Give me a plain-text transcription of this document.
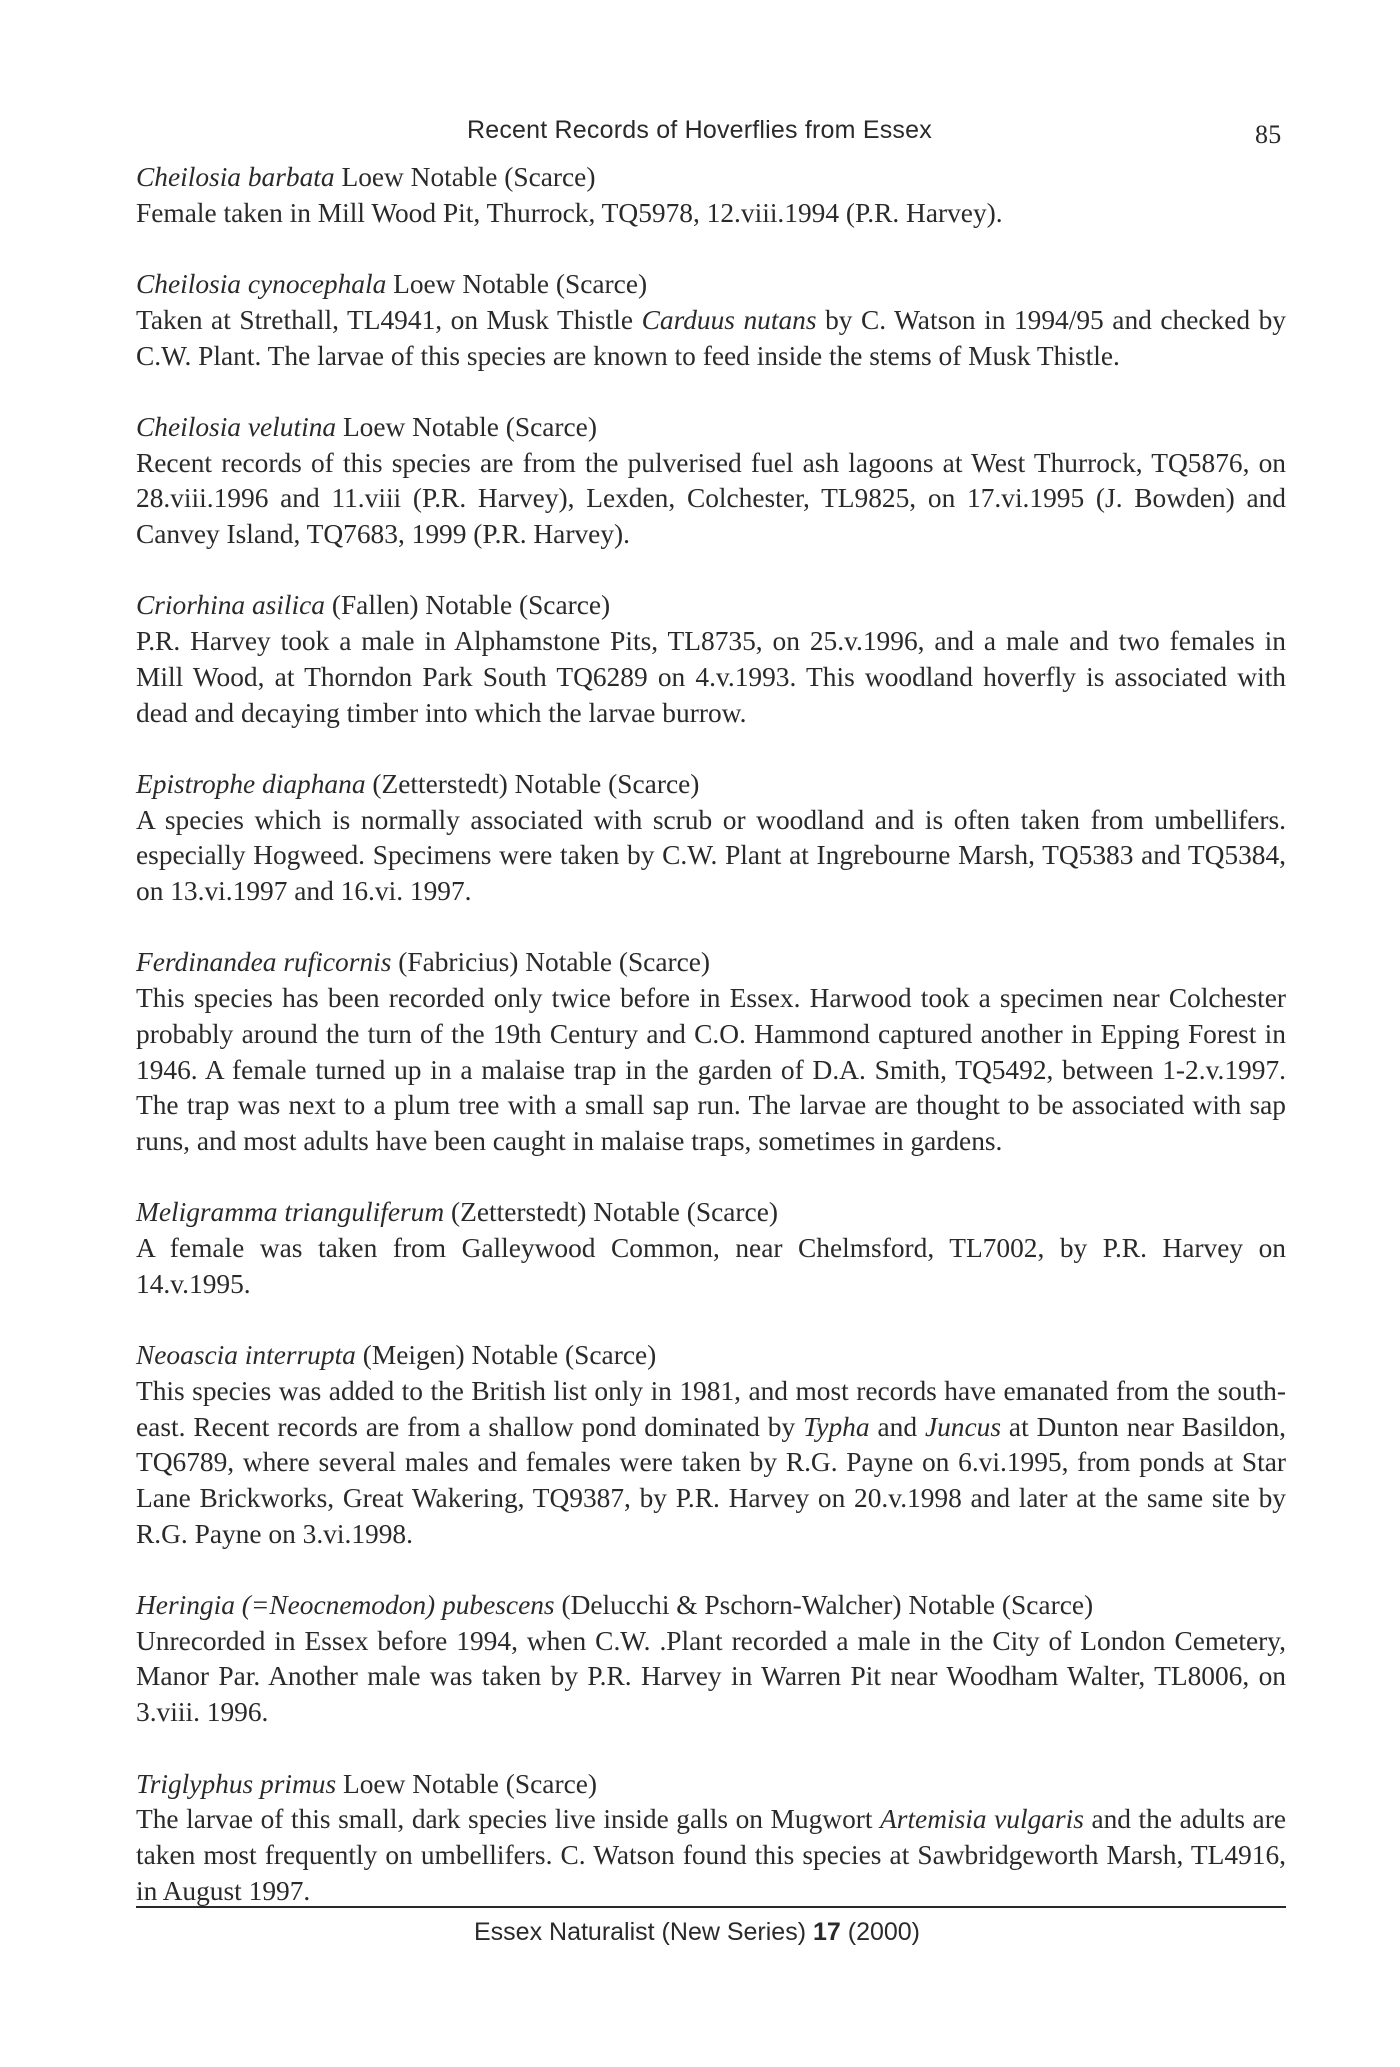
Recent Records of Hoverflies from Essex	85

Cheilosia barbata Loew Notable (Scarce)

Female taken in Mill Wood Pit, Thurrock, TQ5978, 12.viii.1994 (P.R. Harvey).

Cheilosia cynocephala Loew Notable (Scarce)

Taken at Strethall, TL4941, on Musk Thistle Carduus nutans by C. Watson in 1994/95 and checked by C.W. Plant. The larvae of this species are known to feed inside the stems of Musk Thistle.

Cheilosia velutina Loew Notable (Scarce)

Recent records of this species are from the pulverised fuel ash lagoons at West Thurrock, TQ5876, on 28.viii.1996 and 11.viii (P.R. Harvey), Lexden, Colchester, TL9825, on 17.vi.1995 (J. Bowden) and Canvey Island, TQ7683, 1999 (P.R. Harvey).

Criorhina asilica (Fallen) Notable (Scarce)

P.R. Harvey took a male in Alphamstone Pits, TL8735, on 25.v.1996, and a male and two females in Mill Wood, at Thorndon Park South TQ6289 on 4.v.1993. This woodland hoverfly is associated with dead and decaying timber into which the larvae burrow.

Epistrophe diaphana (Zetterstedt) Notable (Scarce)

A species which is normally associated with scrub or woodland and is often taken from umbellifers. especially Hogweed. Specimens were taken by C.W. Plant at Ingrebourne Marsh, TQ5383 and TQ5384, on 13.vi.1997 and 16.vi. 1997.

Ferdinandea ruficornis (Fabricius) Notable (Scarce)

This species has been recorded only twice before in Essex. Harwood took a specimen near Colchester probably around the turn of the 19th Century and C.O. Hammond captured another in Epping Forest in 1946. A female turned up in a malaise trap in the garden of D.A. Smith, TQ5492, between 1-2.v.1997. The trap was next to a plum tree with a small sap run. The larvae are thought to be associated with sap runs, and most adults have been caught in malaise traps, sometimes in gardens.

Meligramma trianguliferum (Zetterstedt) Notable (Scarce)

A female was taken from Galleywood Common, near Chelmsford, TL7002, by P.R. Harvey on 14.v.1995.

Neoascia interrupta (Meigen) Notable (Scarce)

This species was added to the British list only in 1981, and most records have emanated from the south-east. Recent records are from a shallow pond dominated by Typha and Juncus at Dunton near Basildon, TQ6789, where several males and females were taken by R.G. Payne on 6.vi.1995, from ponds at Star Lane Brickworks, Great Wakering, TQ9387, by P.R. Harvey on 20.v.1998 and later at the same site by R.G. Payne on 3.vi.1998.

Heringia (=Neocnemodon) pubescens (Delucchi & Pschorn-Walcher) Notable (Scarce)

Unrecorded in Essex before 1994, when C.W. .Plant recorded a male in the City of London Cemetery, Manor Par. Another male was taken by P.R. Harvey in Warren Pit near Woodham Walter, TL8006, on 3.viii. 1996.

Triglyphus primus Loew Notable (Scarce)

The larvae of this small, dark species live inside galls on Mugwort Artemisia vulgaris and the adults are taken most frequently on umbellifers. C. Watson found this species at Sawbridgeworth Marsh, TL4916, in August 1997.

Essex Naturalist (New Series) 17 (2000)
